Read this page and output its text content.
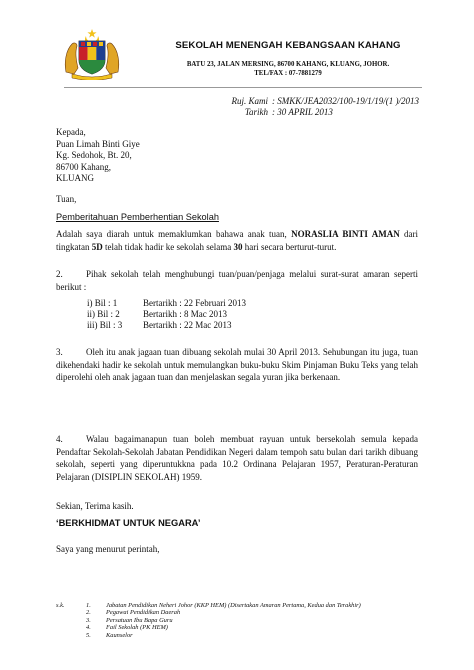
SEKOLAH MENENGAH KEBANGSAAN KAHANG
BATU 23, JALAN MERSING, 86700 KAHANG, KLUANG, JOHOR.
TEL/FAX : 07-7881279
Ruj. Kami : SMKK/JEA2032/100-19/1/19/(1 )/2013
Tarikh : 30 APRIL 2013
Kepada,
Puan Limah Binti Giye
Kg. Sedohok, Bt. 20,
86700 Kahang,
KLUANG
Tuan,
Pemberitahuan Pemberhentian Sekolah
Adalah saya diarah untuk memaklumkan bahawa anak tuan, NORASLIA BINTI AMAN dari tingkatan 5D telah tidak hadir ke sekolah selama 30 hari secara berturut-turut.
2.	Pihak sekolah telah menghubungi tuan/puan/penjaga melalui surat-surat amaran seperti berikut :
i) Bil : 1	Bertarikh : 22 Februari 2013
ii) Bil : 2	Bertarikh : 8 Mac 2013
iii) Bil : 3	Bertarikh : 22 Mac 2013
3.	Oleh itu anak jagaan tuan dibuang sekolah mulai 30 April 2013. Sehubungan itu juga, tuan dikehendaki hadir ke sekolah untuk memulangkan buku-buku Skim Pinjaman Buku Teks yang telah diperolehi oleh anak jagaan tuan dan menjelaskan segala yuran jika berkenaan.
4.	Walau bagaimanapun tuan boleh membuat rayuan untuk bersekolah semula kepada Pendaftar Sekolah-Sekolah Jabatan Pendidikan Negeri dalam tempoh satu bulan dari tarikh dibuang sekolah, seperti yang diperuntukkna pada 10.2 Ordinana Pelajaran 1957, Peraturan-Peraturan Pelajaran (DISIPLIN SEKOLAH) 1959.
Sekian, Terima kasih.
‘BERKHIDMAT UNTUK NEGARA’
Saya yang menurut perintah,
s.k.	1.	Jabatan Pendidikan Neheri Johor (KKP HEM) (Disertakan Amaran Pertama, Kedua dan Terakhir)
2.	Pegawai Pendidikan Daerah
3.	Persatuan Ibu Bapa Guru
4.	Fail Sekolah (PK HEM)
5.	Kaunselor
